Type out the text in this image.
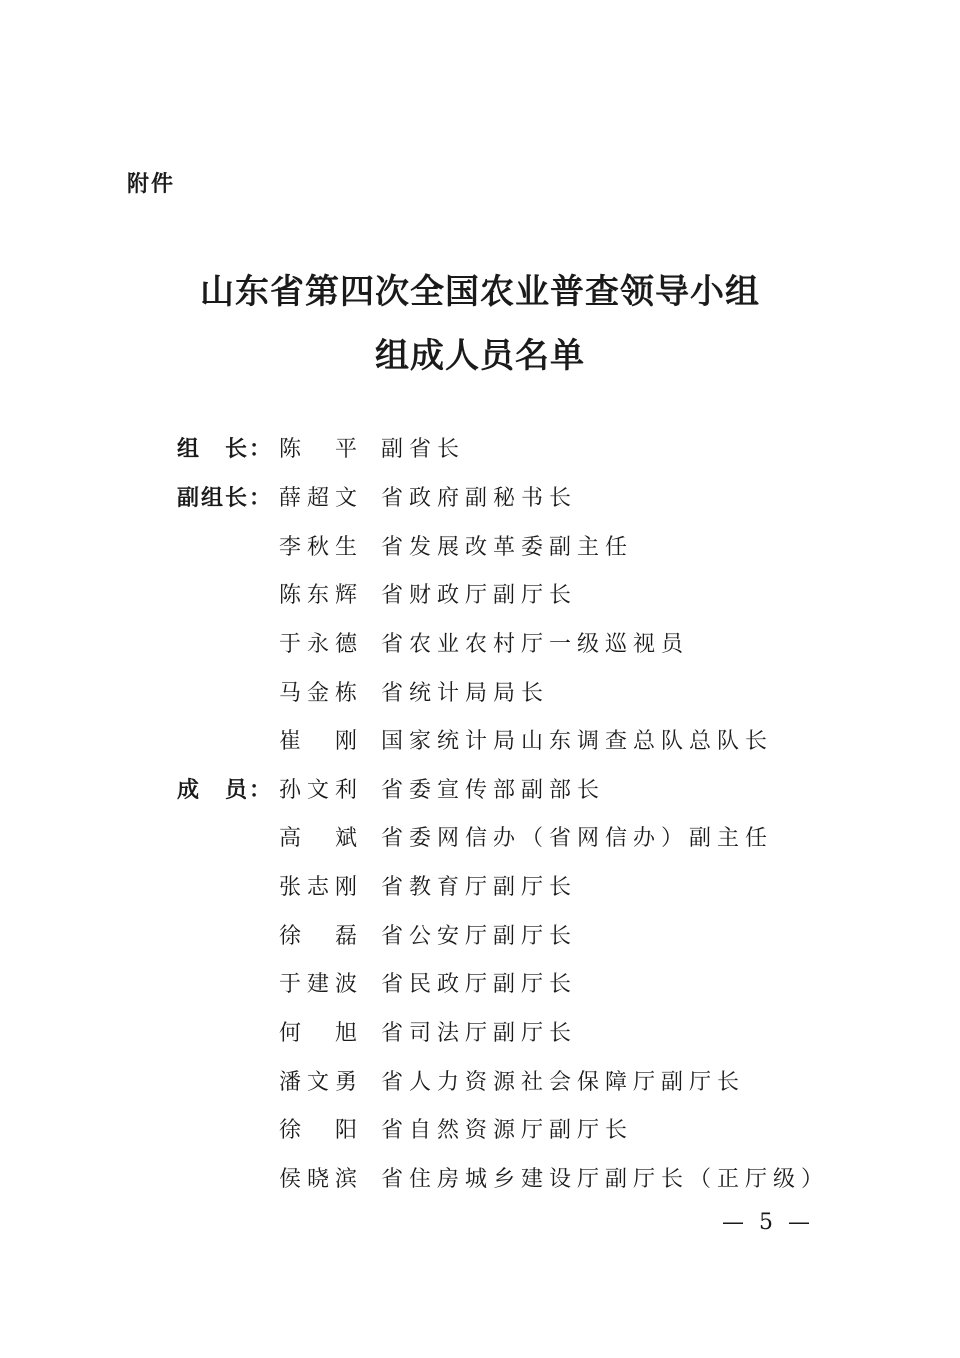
附件
山东省第四次全国农业普查领导小组
组成人员名单
组　长： 陈平
副省长
副组长： 薛超文 省政府副秘书长
李秋生 省发展改革委副主任
陈东辉 省财政厅副厅长
于永德 省农业农村厅一级巡视员
马金栋 省统计局局长
崔刚
国家统计局山东调查总队总队长
成　员： 孙文利 省委宣传部副部长
高斌
省委网信办（省网信办）副主任
张志刚 省教育厅副厅长
徐磊
省公安厅副厅长
于建波 省民政厅副厅长
何旭
省司法厅副厅长
潘文勇 省人力资源社会保障厅副厅长
徐阳
省自然资源厅副厅长
侯晓滨 省住房城乡建设厅副厅长（正厅级）
— 5 —
